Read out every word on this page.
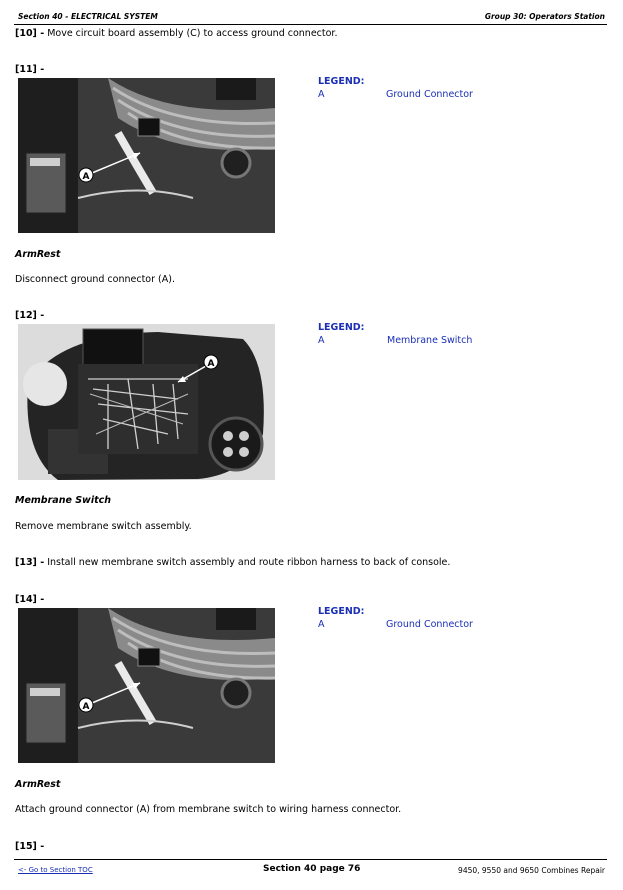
Section 40 - ELECTRICAL SYSTEM	Group 30: Operators Station
[10] - Move circuit board assembly (C) to access ground connector.
[11] -
A
LEGEND:
A	Ground Connector
ArmRest
Disconnect ground connector (A).
[12] -
A
LEGEND:
A	Membrane Switch
Membrane Switch
Remove membrane switch assembly.
[13] - Install new membrane switch assembly and route ribbon harness to back of console.
[14] -
A
LEGEND:
A	Ground Connector
ArmRest
Attach ground connector (A) from membrane switch to wiring harness connector.
[15] -
<- Go to Section TOC	Section 40 page 76	9450, 9550 and 9650 Combines Repair
